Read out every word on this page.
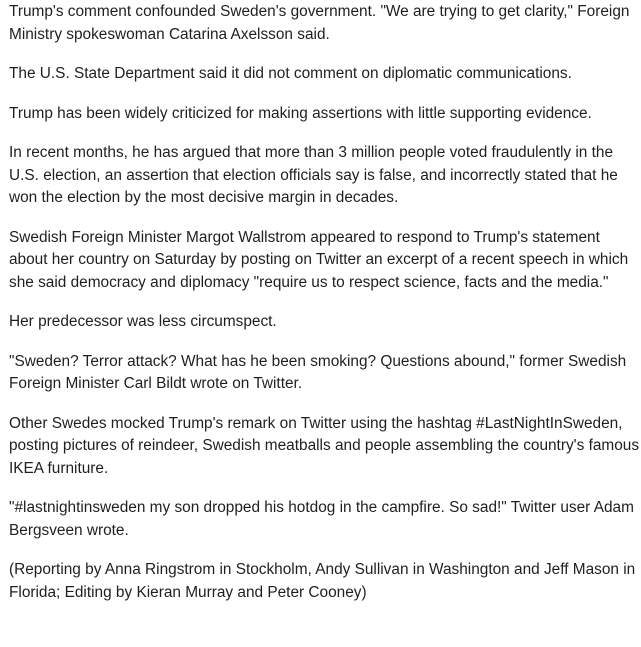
Trump's comment confounded Sweden's government. "We are trying to get clarity," Foreign Ministry spokeswoman Catarina Axelsson said.

The U.S. State Department said it did not comment on diplomatic communications.

Trump has been widely criticized for making assertions with little supporting evidence.

In recent months, he has argued that more than 3 million people voted fraudulently in the U.S. election, an assertion that election officials say is false, and incorrectly stated that he won the election by the most decisive margin in decades.

Swedish Foreign Minister Margot Wallstrom appeared to respond to Trump's statement about her country on Saturday by posting on Twitter an excerpt of a recent speech in which she said democracy and diplomacy "require us to respect science, facts and the media."

Her predecessor was less circumspect.

"Sweden? Terror attack? What has he been smoking? Questions abound," former Swedish Foreign Minister Carl Bildt wrote on Twitter.

Other Swedes mocked Trump's remark on Twitter using the hashtag #LastNightInSweden, posting pictures of reindeer, Swedish meatballs and people assembling the country's famous IKEA furniture.

"#lastnightinsweden my son dropped his hotdog in the campfire. So sad!" Twitter user Adam Bergsveen wrote.

(Reporting by Anna Ringstrom in Stockholm, Andy Sullivan in Washington and Jeff Mason in Florida; Editing by Kieran Murray and Peter Cooney)
